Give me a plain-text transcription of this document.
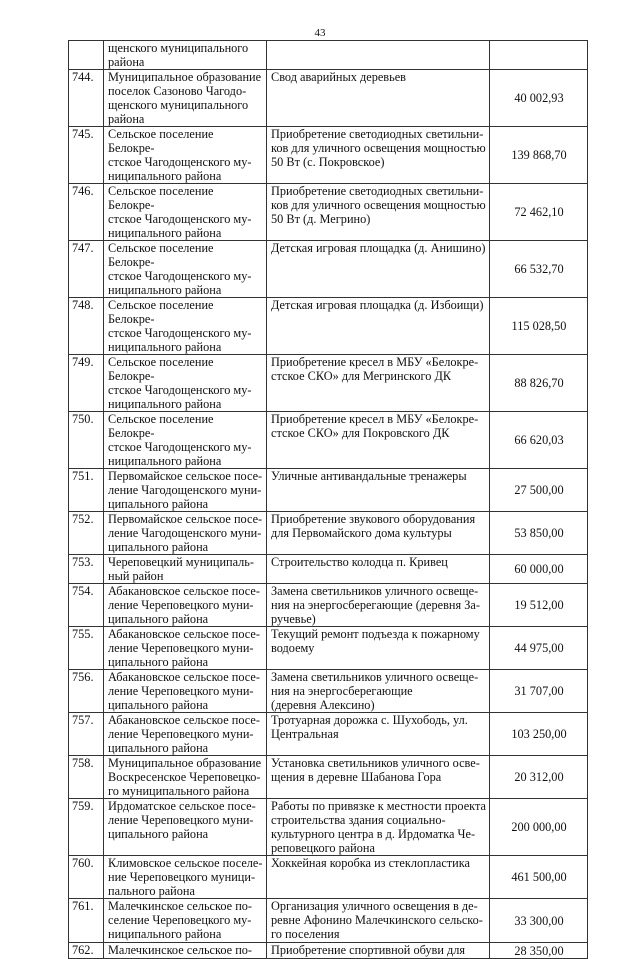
43
	щенского муниципального
района		
744.	Муниципальное образование
поселок Сазоново Чагодо-
щенского муниципального
района	Свод аварийных деревьев	40 002,93
745.	Сельское поселение Белокре-
стское Чагодощенского му-
ниципального района	Приобретение светодиодных светильни-
ков для уличного освещения мощностью
50 Вт (с. Покровское)	139 868,70
746.	Сельское поселение Белокре-
стское Чагодощенского му-
ниципального района	Приобретение светодиодных светильни-
ков для уличного освещения мощностью
50 Вт (д. Мегрино)	72 462,10
747.	Сельское поселение Белокре-
стское Чагодощенского му-
ниципального района	Детская игровая площадка (д. Анишино)	66 532,70
748.	Сельское поселение Белокре-
стское Чагодощенского му-
ниципального района	Детская игровая площадка (д. Избоищи)	115 028,50
749.	Сельское поселение Белокре-
стское Чагодощенского му-
ниципального района	Приобретение кресел в МБУ «Белокре-
стское СКО» для Мегринского ДК	88 826,70
750.	Сельское поселение Белокре-
стское Чагодощенского му-
ниципального района	Приобретение кресел в МБУ «Белокре-
стское СКО» для Покровского ДК	66 620,03
751.	Первомайское сельское посе-
ление Чагодощенского муни-
ципального района	Уличные антивандальные тренажеры	27 500,00
752.	Первомайское сельское посе-
ление Чагодощенского муни-
ципального района	Приобретение звукового оборудования
для Первомайского дома культуры	53 850,00
753.	Череповецкий муниципаль-
ный район	Строительство колодца п. Кривец	60 000,00
754.	Абакановское сельское посе-
ление Череповецкого муни-
ципального района	Замена светильников уличного освеще-
ния на энергосберегающие (деревня За-
ручевье)	19 512,00
755.	Абакановское сельское посе-
ление Череповецкого муни-
ципального района	Текущий ремонт подъезда к пожарному
водоему	44 975,00
756.	Абакановское сельское посе-
ление Череповецкого муни-
ципального района	Замена светильников уличного освеще-
ния на энергосберегающие
(деревня Алексино)	31 707,00
757.	Абакановское сельское посе-
ление Череповецкого муни-
ципального района	Тротуарная дорожка с. Шухободь, ул.
Центральная	103 250,00
758.	Муниципальное образование
Воскресенское Череповецко-
го муниципального района	Установка светильников уличного осве-
щения в деревне Шабанова Гора	20 312,00
759.	Ирдоматское сельское посе-
ление Череповецкого муни-
ципального района	Работы по привязке к местности проекта
строительства здания социально-
культурного центра в д. Ирдоматка Че-
реповецкого района	200 000,00
760.	Климовское сельское поселе-
ние Череповецкого муници-
пального района	Хоккейная коробка из стеклопластика	461 500,00
761.	Малечкинское сельское по-
селение Череповецкого му-
ниципального района	Организация уличного освещения в де-
ревне Афонино Малечкинского сельско-
го поселения	33 300,00
762.	Малечкинское сельское по-	Приобретение спортивной обуви для	28 350,00
